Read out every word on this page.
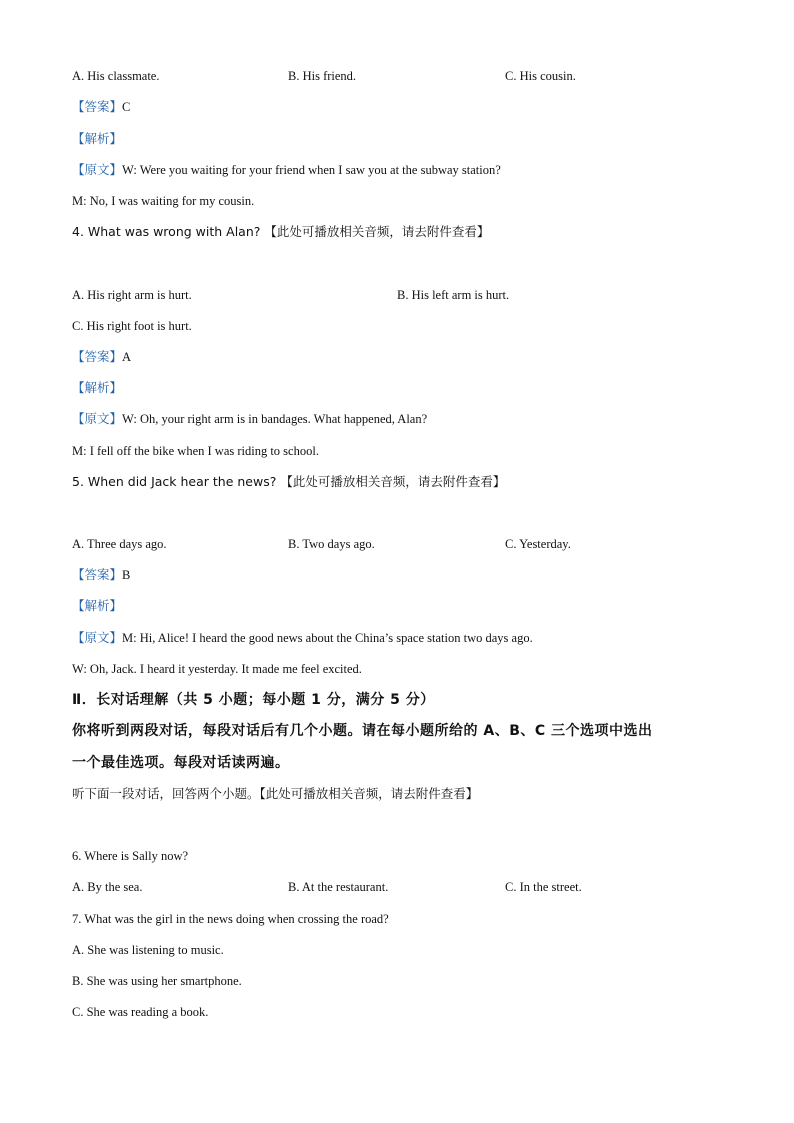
A. His classmate.	B. His friend.	C. His cousin.
【答案】C
【解析】
【原文】W: Were you waiting for your friend when I saw you at the subway station?
M: No, I was waiting for my cousin.
4. What was wrong with Alan? 【此处可播放相关音频，请去附件查看】
A. His right arm is hurt.	B. His left arm is hurt.
C. His right foot is hurt.
【答案】A
【解析】
【原文】W: Oh, your right arm is in bandages. What happened, Alan?
M: I fell off the bike when I was riding to school.
5. When did Jack hear the news? 【此处可播放相关音频，请去附件查看】
A. Three days ago.	B. Two days ago.	C. Yesterday.
【答案】B
【解析】
【原文】M: Hi, Alice! I heard the good news about the China’s space station two days ago.
W: Oh, Jack. I heard it yesterday. It made me feel excited.
Ⅱ．长对话理解（共 5 小题；每小题 1 分，满分 5 分）
你将听到两段对话，每段对话后有几个小题。请在每小题所给的 A、B、C 三个选项中选出
一个最佳选项。每段对话读两遍。
听下面一段对话，回答两个小题。【此处可播放相关音频，请去附件查看】
6. Where is Sally now?
A. By the sea.	B. At the restaurant.	C. In the street.
7. What was the girl in the news doing when crossing the road?
A. She was listening to music.
B. She was using her smartphone.
C. She was reading a book.
